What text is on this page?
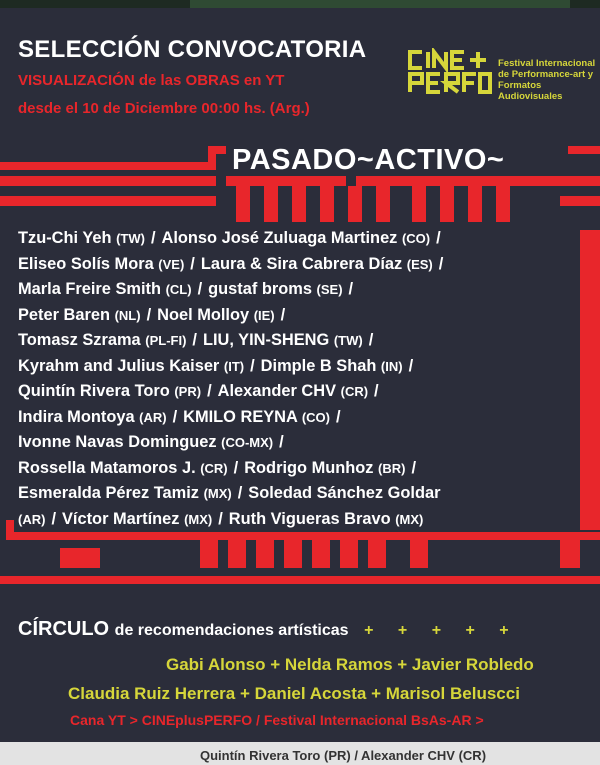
SELECCIÓN CONVOCATORIA
VISUALIZACIÓN de las OBRAS en YT
desde el 10 de Diciembre 00:00 hs. (Arg.)
Festival Internacional de Performance-art y Formatos Audiovisuales
PASADO~ACTIVO~
Tzu-Chi Yeh (TW) / Alonso José Zuluaga Martinez (CO) /
Eliseo Solís Mora (VE) / Laura & Sira Cabrera Díaz (ES) /
Marla Freire Smith (CL) / gustaf broms (SE) /
Peter Baren (NL) / Noel Molloy (IE) /
Tomasz Szrama (PL-FI) / LIU, YIN-SHENG (TW) /
Kyrahm and Julius Kaiser (IT) / Dimple B Shah (IN) /
Quintín Rivera Toro (PR) / Alexander CHV (CR) /
Indira Montoya (AR) / KMILO REYNA (CO) /
Ivonne Navas Dominguez (CO-MX) /
Rossella Matamoros J. (CR) / Rodrigo Munhoz (BR) /
Esmeralda Pérez Tamiz (MX) / Soledad Sánchez Goldar
(AR) / Víctor Martínez (MX) / Ruth Vigueras Bravo (MX)
CÍRCULO de recomendaciones artísticas + + + + +
Gabi Alonso + Nelda Ramos + Javier Robledo
Claudia Ruiz Herrera + Daniel Acosta + Marisol Beluscci
Cana YT > CINEplusPERFO / Festival Internacional BsAs-AR >
Quintín Rivera Toro (PR) / Alexander CHV (CR)
